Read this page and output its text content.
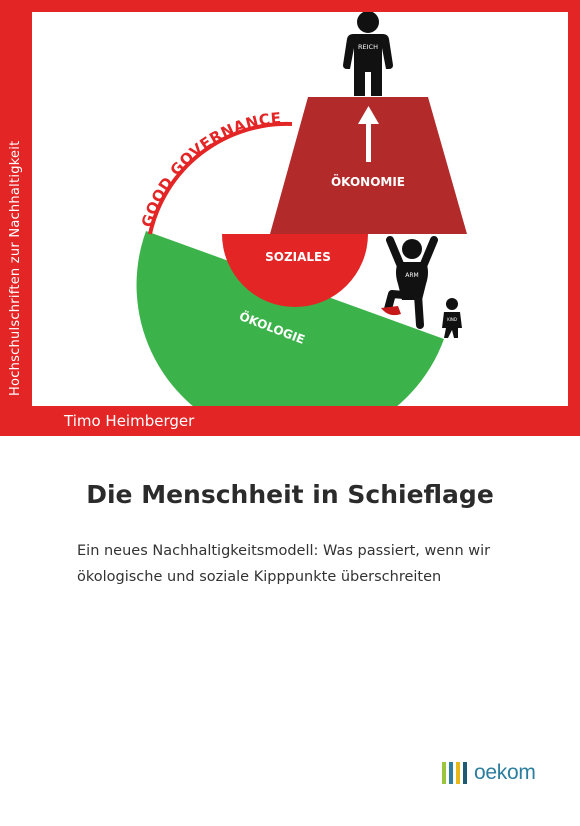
Hochschulschriften zur Nachhaltigkeit
Timo Heimberger
GOOD GOVERNANCE
ÖKONOMIE
SOZIALES
ÖKOLOGIE
REICH
ARM
KIND
Die Menschheit in Schieflage

Ein neues Nachhaltigkeitsmodell: Was passiert, wenn wir
ökologische und soziale Kipppunkte überschreiten

oekom
